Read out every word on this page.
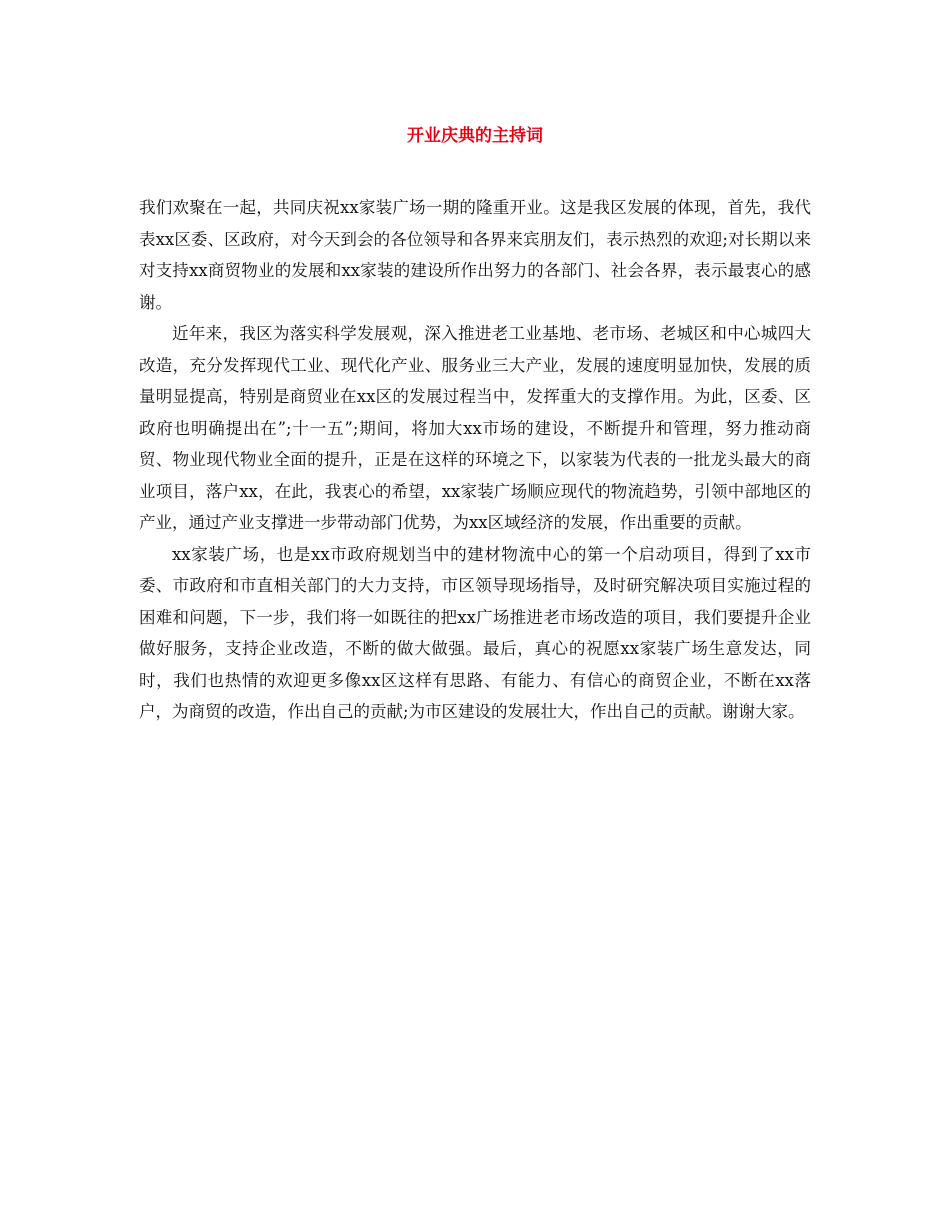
开业庆典的主持词

我们欢聚在一起，共同庆祝xx家装广场一期的隆重开业。这是我区发展的体现，首先，我代表xx区委、区政府，对今天到会的各位领导和各界来宾朋友们，表示热烈的欢迎;对长期以来对支持xx商贸物业的发展和xx家装的建设所作出努力的各部门、社会各界，表示最衷心的感谢。

近年来，我区为落实科学发展观，深入推进老工业基地、老市场、老城区和中心城四大改造，充分发挥现代工业、现代化产业、服务业三大产业，发展的速度明显加快，发展的质量明显提高，特别是商贸业在xx区的发展过程当中，发挥重大的支撑作用。为此，区委、区政府也明确提出在”;十一五”;期间，将加大xx市场的建设，不断提升和管理，努力推动商贸、物业现代物业全面的提升，正是在这样的环境之下，以家装为代表的一批龙头最大的商业项目，落户xx，在此，我衷心的希望，xx家装广场顺应现代的物流趋势，引领中部地区的产业，通过产业支撑进一步带动部门优势，为xx区域经济的发展，作出重要的贡献。

xx家装广场，也是xx市政府规划当中的建材物流中心的第一个启动项目，得到了xx市委、市政府和市直相关部门的大力支持，市区领导现场指导，及时研究解决项目实施过程的困难和问题，下一步，我们将一如既往的把xx广场推进老市场改造的项目，我们要提升企业做好服务，支持企业改造，不断的做大做强。最后，真心的祝愿xx家装广场生意发达，同时，我们也热情的欢迎更多像xx区这样有思路、有能力、有信心的商贸企业，不断在xx落户，为商贸的改造，作出自己的贡献;为市区建设的发展壮大，作出自己的贡献。谢谢大家。
